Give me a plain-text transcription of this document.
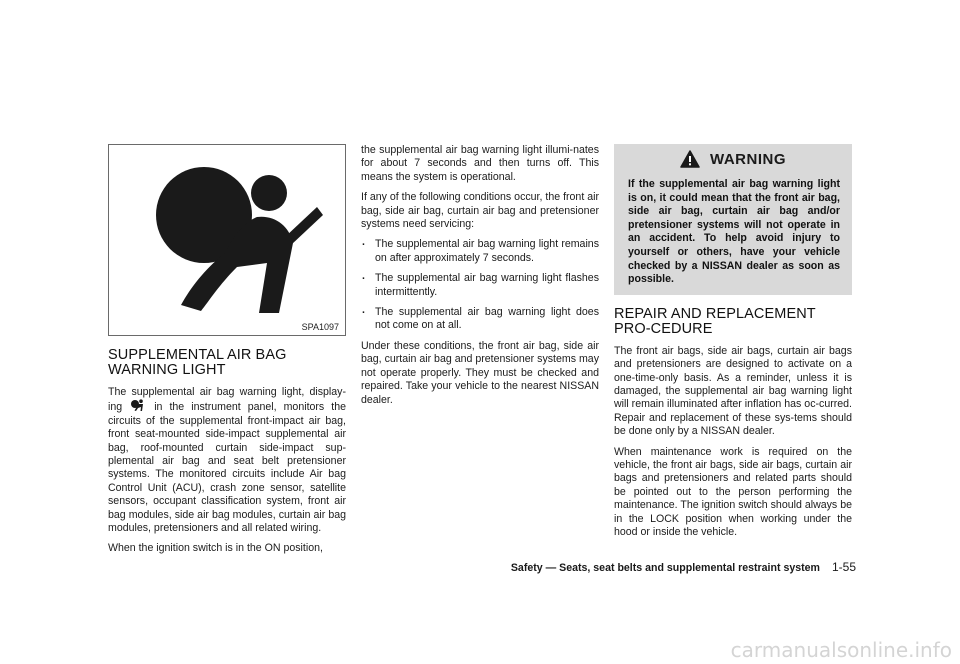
SPA1097
SUPPLEMENTAL AIR BAG WARNING LIGHT

The supplemental air bag warning light, display-ing	in the instrument panel, monitors the circuits of the supplemental front-impact air bag, front seat-mounted side-impact supplemental air bag, roof-mounted curtain side-impact sup-plemental air bag and seat belt pretensioner systems. The monitored circuits include Air bag Control Unit (ACU), crash zone sensor, satellite sensors, occupant classification system, front air bag modules, side air bag modules, curtain air bag modules, pretensioners and all related wiring.

When the ignition switch is in the ON position,

the supplemental air bag warning light illumi-nates for about 7 seconds and then turns off. This means the system is operational.

If any of the following conditions occur, the front air bag, side air bag, curtain air bag and pretensioner systems need servicing:

. The supplemental air bag warning light remains on after approximately 7 seconds.
. The supplemental air bag warning light flashes intermittently.
. The supplemental air bag warning light does not come on at all.

Under these conditions, the front air bag, side air bag, curtain air bag and pretensioner systems may not operate properly. They must be checked and repaired. Take your vehicle to the nearest NISSAN dealer.

WARNING
If the supplemental air bag warning light is on, it could mean that the front air bag, side air bag, curtain air bag and/or pretensioner systems will not operate in an accident. To help avoid injury to yourself or others, have your vehicle checked by a NISSAN dealer as soon as possible.
REPAIR AND REPLACEMENT PRO-CEDURE

The front air bags, side air bags, curtain air bags and pretensioners are designed to activate on a one-time-only basis. As a reminder, unless it is damaged, the supplemental air bag warning light will remain illuminated after inflation has oc-curred. Repair and replacement of these sys-tems should be done only by a NISSAN dealer.

When maintenance work is required on the vehicle, the front air bags, side air bags, curtain air bags and pretensioners and related parts should be pointed out to the person performing the maintenance. The ignition switch should always be in the LOCK position when working under the hood or inside the vehicle.

Safety — Seats, seat belts and supplemental restraint system 1-55
carmanualsonline.info
